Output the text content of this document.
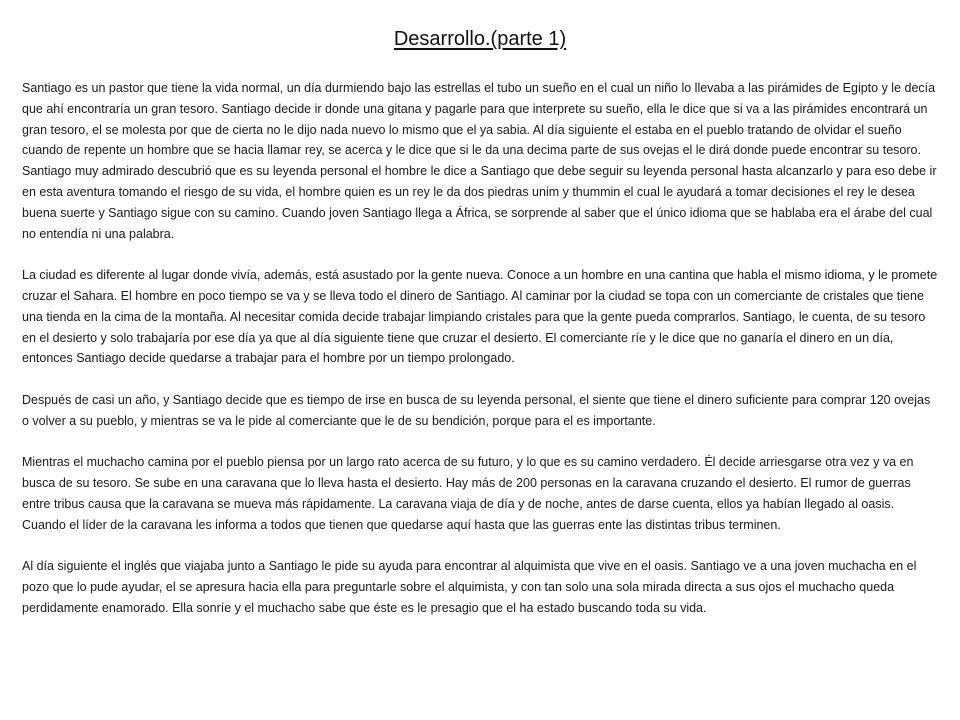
Desarrollo.(parte 1)

Santiago es un pastor que tiene la vida normal, un día durmiendo bajo las estrellas el tubo un sueño en el cual un niño lo llevaba a las pirámides de Egipto y le decía que ahí encontraría un gran tesoro. Santiago decide ir donde una gitana y pagarle para que interprete su sueño, ella le dice que si va a las pirámides encontrará un gran tesoro, el se molesta por que de cierta no le dijo nada nuevo lo mismo que el ya sabia. Al día siguiente el estaba en el pueblo tratando de olvidar el sueño cuando de repente un hombre que se hacia llamar rey, se acerca y le dice que si le da una decima parte de sus ovejas el le dirá donde puede encontrar su tesoro. Santiago muy admirado descubrió que es su leyenda personal el hombre le dice a Santiago que debe seguir su leyenda personal hasta alcanzarlo y para eso debe ir en esta aventura tomando el riesgo de su vida, el hombre quien es un rey le da dos piedras unim y thummin el cual le ayudará a tomar decisiones el rey le desea buena suerte y Santiago sigue con su camino. Cuando joven Santiago llega a África, se sorprende al saber que el único idioma que se hablaba era el árabe del cual no entendía ni una palabra.

La ciudad es diferente al lugar donde vivía, además, está asustado por la gente nueva. Conoce a un hombre en una cantina que habla el mismo idioma, y le promete cruzar el Sahara. El hombre en poco tiempo se va y se lleva todo el dinero de Santiago. Al caminar por la ciudad se topa con un comerciante de cristales que tiene una tienda en la cima de la montaña. Al necesitar comida decide trabajar limpiando cristales para que la gente pueda comprarlos. Santiago, le cuenta, de su tesoro en el desierto y solo trabajaría por ese día ya que al día siguiente tiene que cruzar el desierto. El comerciante ríe y le dice que no ganaría el dinero en un día, entonces Santiago decide quedarse a trabajar para el hombre por un tiempo prolongado.

Después de casi un año, y Santiago decide que es tiempo de irse en busca de su leyenda personal, el siente que tiene el dinero suficiente para comprar 120 ovejas o volver a su pueblo, y mientras se va le pide al comerciante que le de su bendición, porque para el es importante.

Mientras el muchacho camina por el pueblo piensa por un largo rato acerca de su futuro, y lo que es su camino verdadero. Él decide arriesgarse otra vez y va en busca de su tesoro. Se sube en una caravana que lo lleva hasta el desierto. Hay más de 200 personas en la caravana cruzando el desierto. El rumor de guerras entre tribus causa que la caravana se mueva más rápidamente. La caravana viaja de día y de noche, antes de darse cuenta, ellos ya habían llegado al oasis. Cuando el líder de la caravana les informa a todos que tienen que quedarse aquí hasta que las guerras ente las distintas tribus terminen.

Al día siguiente el inglés que viajaba junto a Santiago le pide su ayuda para encontrar al alquimista que vive en el oasis. Santiago ve a una joven muchacha en el pozo que lo pude ayudar, el se apresura hacia ella para preguntarle sobre el alquimista, y con tan solo una sola mirada directa a sus ojos el muchacho queda perdidamente enamorado. Ella sonríe y el muchacho sabe que éste es le presagio que el ha estado buscando toda su vida.
